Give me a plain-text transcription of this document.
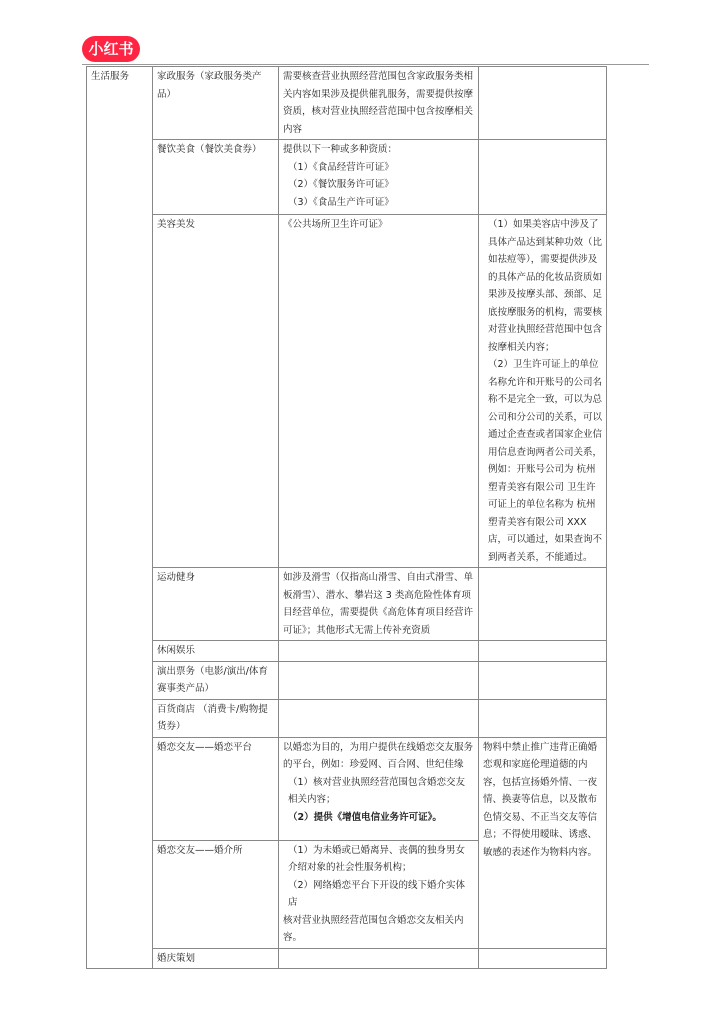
小红书
生活服务	家政服务（家政服务类产品）	需要核查营业执照经营范围包含家政服务类相关内容如果涉及提供催乳服务，需要提供按摩资质，核对营业执照经营范围中包含按摩相关内容	

	餐饮美食（餐饮美食券）	提供以下一种或多种资质：
（1）《食品经营许可证》
（2）《餐饮服务许可证》
（3）《食品生产许可证》	

	美容美发	《公共场所卫生许可证》	（1）如果美容店中涉及了具体产品达到某种功效（比如祛痘等），需要提供涉及的具体产品的化妆品资质如果涉及按摩头部、颈部、足底按摩服务的机构，需要核对营业执照经营范围中包含按摩相关内容；
（2）卫生许可证上的单位名称允许和开账号的公司名称不是完全一致，可以为总公司和分公司的关系，可以通过企查查或者国家企业信用信息查询两者公司关系，例如：开账号公司为 杭州塑青美容有限公司 卫生许可证上的单位名称为 杭州塑青美容有限公司 XXX 店，可以通过，如果查询不到两者关系，不能通过。

	运动健身	如涉及滑雪（仅指高山滑雪、自由式滑雪、单板滑雪）、潜水、攀岩这 3 类高危险性体育项目经营单位，需要提供《高危体育项目经营许可证》；其他形式无需上传补充资质	

	休闲娱乐		
	演出票务（电影/演出/体育赛事类产品）		
	百货商店 （消费卡/购物提货券）		
	婚恋交友——婚恋平台	以婚恋为目的，为用户提供在线婚恋交友服务的平台，例如：珍爱网、百合网、世纪佳缘
（1）核对营业执照经营范围包含婚恋交友相关内容；
（2）提供《增值电信业务许可证》。	物料中禁止推广违背正确婚恋观和家庭伦理道德的内容，包括宣扬婚外情、一夜情、换妻等信息，以及散布色情交易、不正当交友等信息；不得使用暧昧、诱惑、敏感的表述作为物料内容。

	婚恋交友——婚介所	（1）为未婚或已婚离异、丧偶的独身男女介绍对象的社会性服务机构；
（2）网络婚恋平台下开设的线下婚介实体店
核对营业执照经营范围包含婚恋交友相关内容。	

	婚庆策划		
